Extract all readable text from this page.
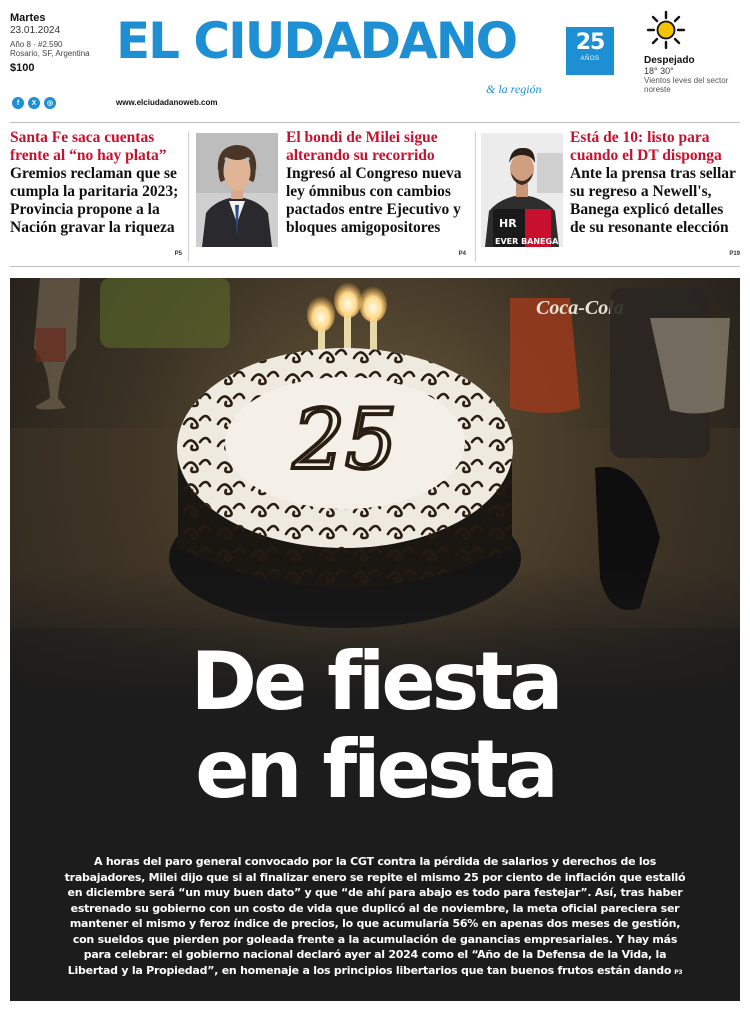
Martes
23.01.2024
Año 8 · #2.590
Rosario, SF, Argentina
$100
f	X	◎
EL CIUDADANO	25
AÑOS
& la región
www.elciudadanoweb.com
Despejado
18° 30°
Vientos leves del sector noreste
Santa Fe saca cuentas frente al “no hay plata”
Gremios reclaman que se cumpla la paritaria 2023; Provincia propone a la Nación gravar la riqueza
P5
El bondi de Milei sigue alterando su recorrido
Ingresó al Congreso nueva ley ómnibus con cambios pactados entre Ejecutivo y bloques amigopositores
P4
Está de 10: listo para cuando el DT disponga
Ante la prensa tras sellar su regreso a Newell's, Banega explicó detalles de su resonante elección
P19
HR
EVER BANEGA
De fiesta
en fiesta

A horas del paro general convocado por la CGT contra la pérdida de salarios y derechos de los trabajadores, Milei dijo que si al finalizar enero se repite el mismo 25 por ciento de inflación que estalló en diciembre será “un muy buen dato” y que “de ahí para abajo es todo para festejar”. Así, tras haber estrenado su gobierno con un costo de vida que duplicó al de noviembre, la meta oficial pareciera ser mantener el mismo y feroz índice de precios, lo que acumularía 56% en apenas dos meses de gestión, con sueldos que pierden por goleada frente a la acumulación de ganancias empresariales. Y hay más para celebrar: el gobierno nacional declaró ayer al 2024 como el “Año de la Defensa de la Vida, la Libertad y la Propiedad”, en homenaje a los principios libertarios que tan buenos frutos están dando P3
